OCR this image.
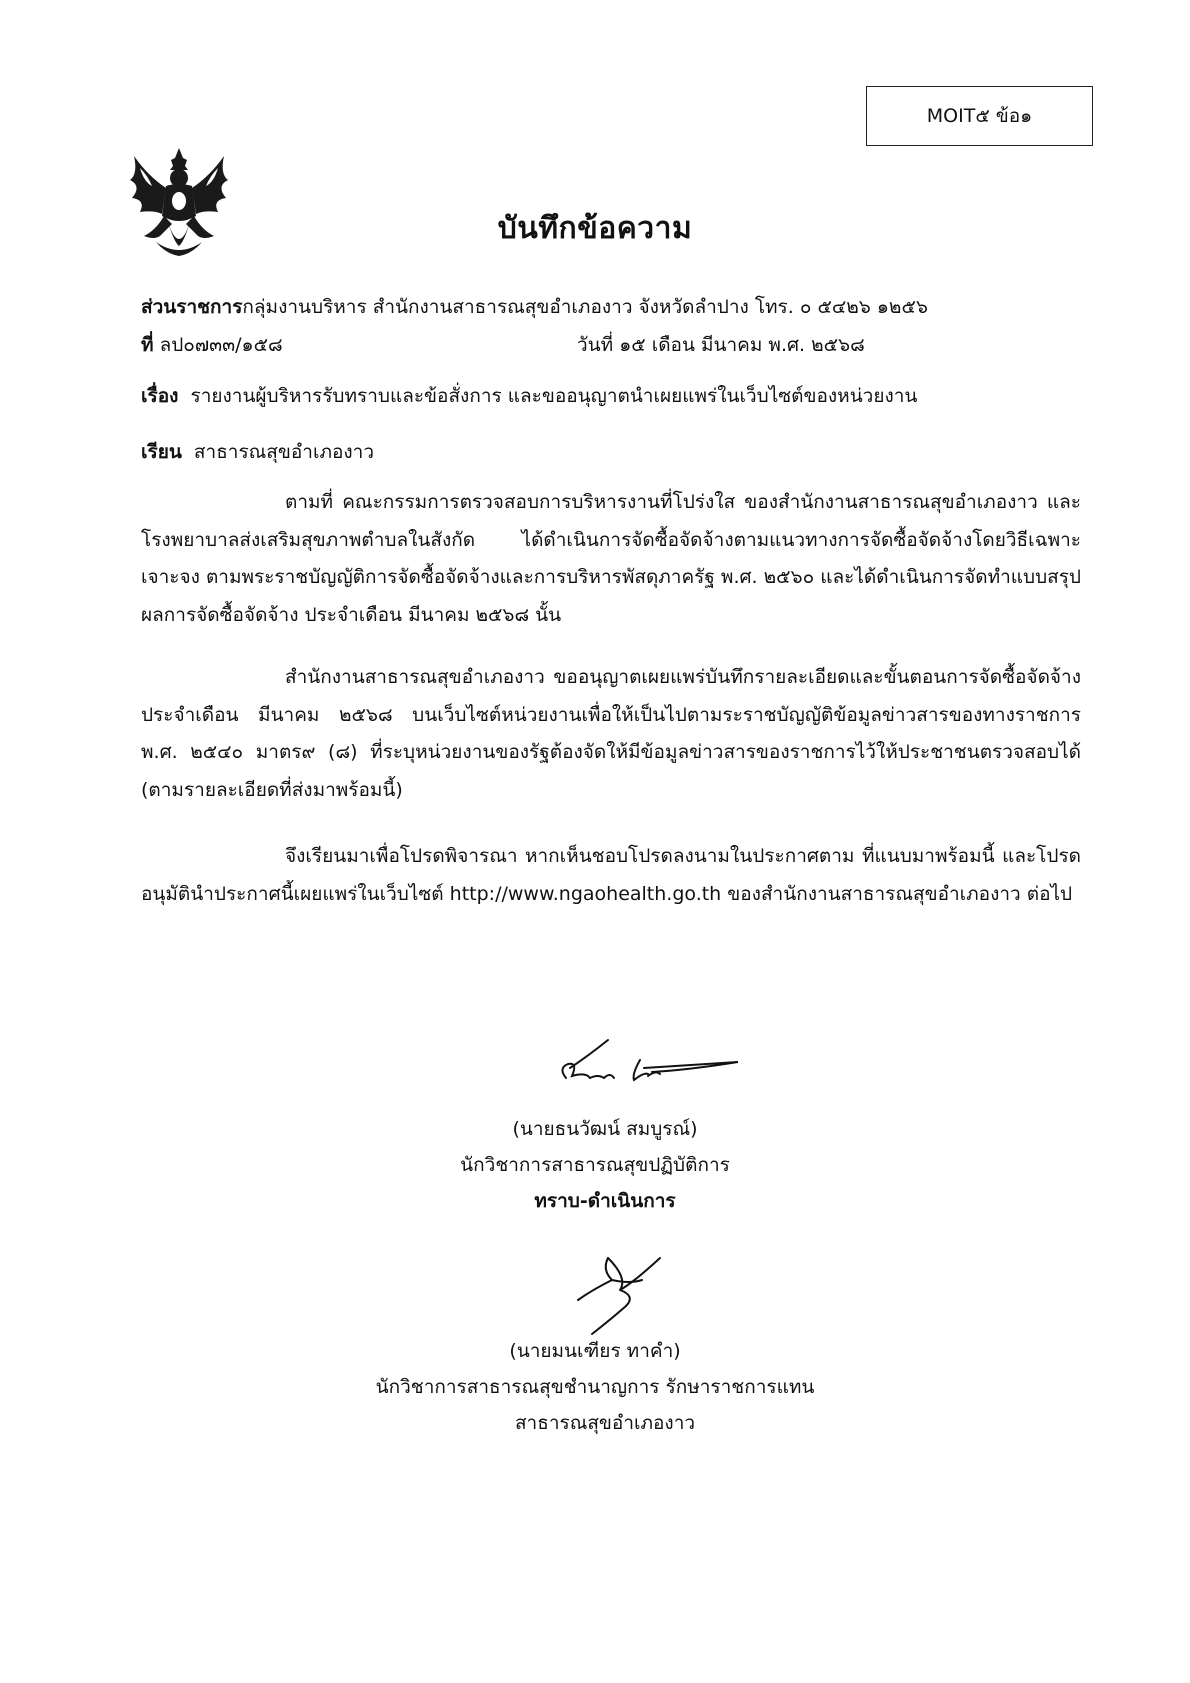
MOIT๕ ข้อ๑
บันทึกข้อความ
ส่วนราชการกลุ่มงานบริหาร สำนักงานสาธารณสุขอำเภองาว จังหวัดลำปาง โทร. ๐ ๕๔๒๖ ๑๒๕๖
ที่ ลป๐๗๓๓/๑๕๘	วันที่ ๑๕ เดือน มีนาคม พ.ศ. ๒๕๖๘
เรื่อง รายงานผู้บริหารรับทราบและข้อสั่งการ และขออนุญาตนำเผยแพร่ในเว็บไซต์ของหน่วยงาน
เรียน สาธารณสุขอำเภองาว
ตามที่ คณะกรรมการตรวจสอบการบริหารงานที่โปร่งใส ของสำนักงานสาธารณสุขอำเภองาว และโรงพยาบาลส่งเสริมสุขภาพตำบลในสังกัด ได้ดำเนินการจัดซื้อจัดจ้างตามแนวทางการจัดซื้อจัดจ้างโดยวิธีเฉพาะเจาะจง ตามพระราชบัญญัติการจัดซื้อจัดจ้างและการบริหารพัสดุภาครัฐ พ.ศ. ๒๕๖๐ และได้ดำเนินการจัดทำแบบสรุปผลการจัดซื้อจัดจ้าง ประจำเดือน มีนาคม ๒๕๖๘ นั้น
สำนักงานสาธารณสุขอำเภองาว ขออนุญาตเผยแพร่บันทึกรายละเอียดและขั้นตอนการจัดซื้อจัดจ้าง ประจำเดือน มีนาคม ๒๕๖๘ บนเว็บไซต์หน่วยงานเพื่อให้เป็นไปตามระราชบัญญัติข้อมูลข่าวสารของทางราชการ พ.ศ. ๒๕๔๐ มาตร๙ (๘) ที่ระบุหน่วยงานของรัฐต้องจัดให้มีข้อมูลข่าวสารของราชการไว้ให้ประชาชนตรวจสอบได้ (ตามรายละเอียดที่ส่งมาพร้อมนี้)
จึงเรียนมาเพื่อโปรดพิจารณา หากเห็นชอบโปรดลงนามในประกาศตาม ที่แนบมาพร้อมนี้ และโปรดอนุมัตินำประกาศนี้เผยแพร่ในเว็บไซต์ http://www.ngaohealth.go.th ของสำนักงานสาธารณสุขอำเภองาว ต่อไป
(นายธนวัฒน์ สมบูรณ์)
นักวิชาการสาธารณสุขปฏิบัติการ
ทราบ-ดำเนินการ
(นายมนเฑียร ทาคำ)
นักวิชาการสาธารณสุขชำนาญการ รักษาราชการแทน
สาธารณสุขอำเภองาว
